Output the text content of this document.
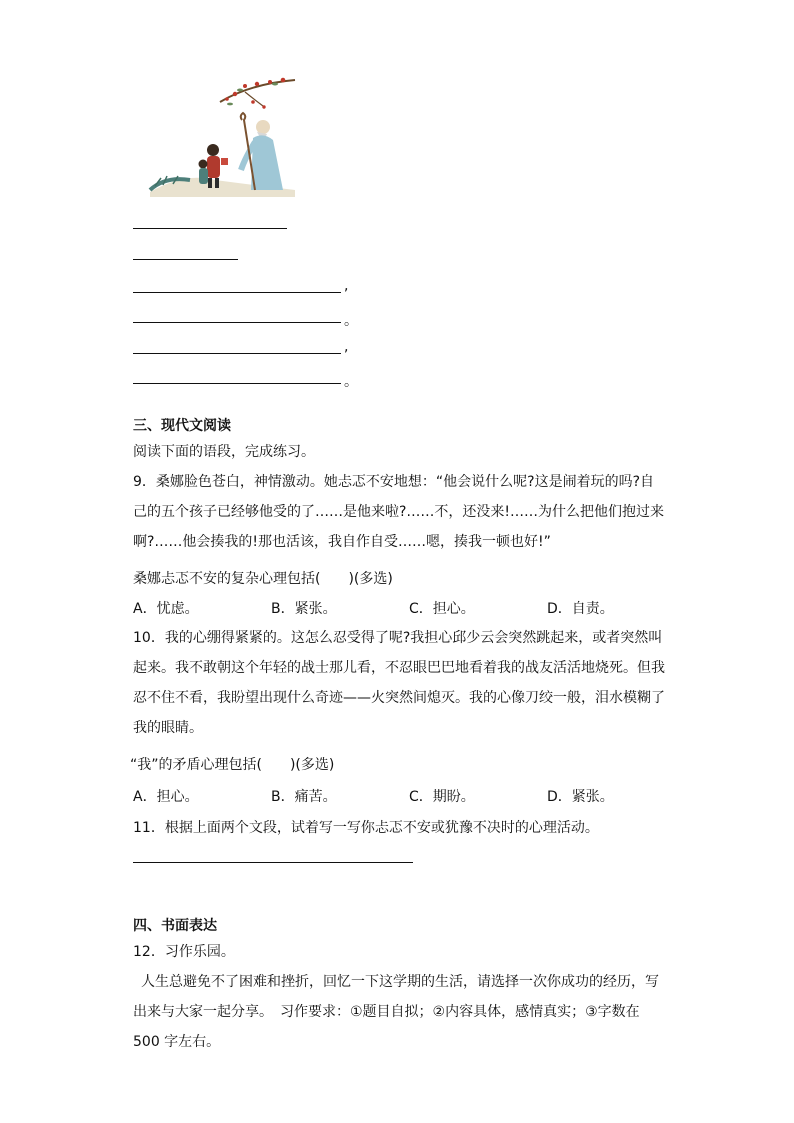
,
。
,
。
三、现代文阅读
阅读下面的语段，完成练习。
9．桑娜脸色苍白，神情激动。她忐忑不安地想：“他会说什么呢?这是闹着玩的吗?自己的五个孩子已经够他受的了……是他来啦?……不，还没来!……为什么把他们抱过来啊?……他会揍我的!那也活该，我自作自受……嗯，揍我一顿也好!”
桑娜忐忑不安的复杂心理包括(　　)(多选)
A．忧虑。	B．紧张。	C．担心。	D．自责。
10．我的心绷得紧紧的。这怎么忍受得了呢?我担心邱少云会突然跳起来，或者突然叫起来。我不敢朝这个年轻的战士那儿看，不忍眼巴巴地看着我的战友活活地烧死。但我忍不住不看，我盼望出现什么奇迹——火突然间熄灭。我的心像刀绞一般，泪水模糊了我的眼睛。
“我”的矛盾心理包括(　　)(多选)
A．担心。	B．痛苦。	C．期盼。	D．紧张。
11．根据上面两个文段，试着写一写你忐忑不安或犹豫不决时的心理活动。
四、书面表达
12．习作乐园。
人生总避免不了困难和挫折，回忆一下这学期的生活，请选择一次你成功的经历，写出来与大家一起分享。　习作要求：①题目自拟；②内容具体，感情真实；③字数在 500 字左右。
